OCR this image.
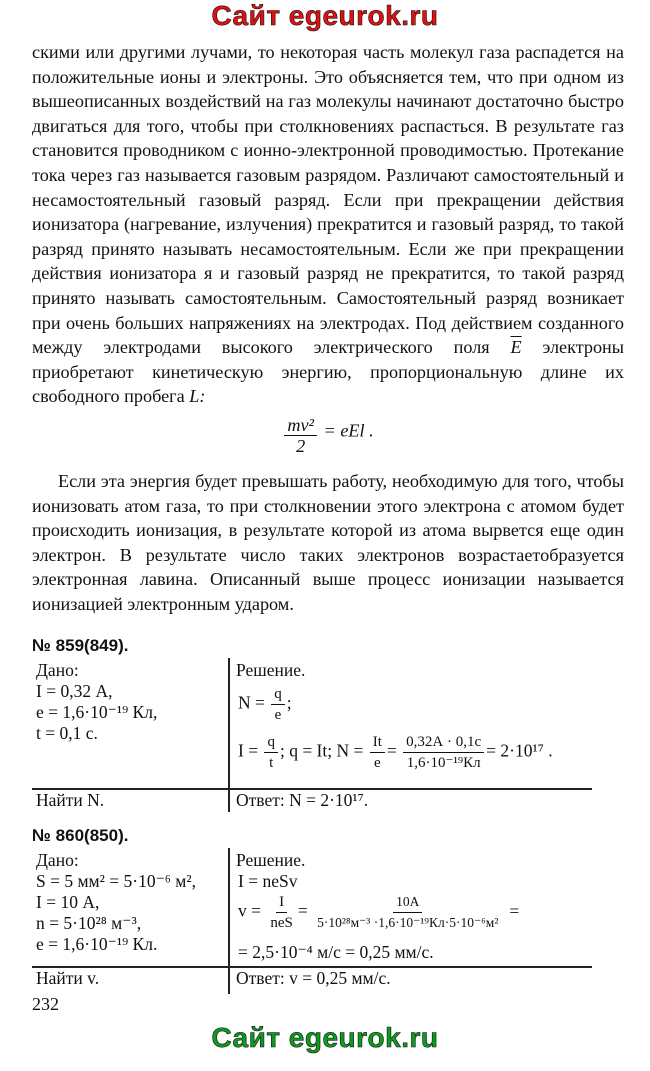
Сайт egeurok.ru

скими или другими лучами, то некоторая часть молекул газа распадется на положительные ионы и электроны. Это объясняется тем, что при одном из вышеописанных воздействий на газ молекулы начинают достаточно быстро двигаться для того, чтобы при столкновениях распасться. В результате газ становится проводником с ионно-электронной проводимостью. Протекание тока через газ называется газовым разрядом. Различают самостоятельный и несамостоятельный газовый разряд. Если при прекращении действия ионизатора (нагревание, излучения) прекратится и газовый разряд, то такой разряд принято называть несамостоятельным. Если же при прекращении действия ионизатора я и газовый разряд не прекратится, то такой разряд принято называть самостоятельным. Самостоятельный разряд возникает при очень больших напряжениях на электродах. Под действием созданного между электродами высокого электрического поля $\overline{E}$ электроны приобретают кинетическую энергию, пропорциональную длине их свободного пробега L:

$\frac{\text{mv²}}{2}$ = eEl .

Если эта энергия будет превышать работу, необходимую для того, чтобы ионизовать атом газа, то при столкновении этого электрона с атомом будет происходить ионизация, в результате которой из атома вырвется еще один электрон. В результате число таких электронов возрастаетобразуется электронная лавина. Описанный выше процесс ионизации называется ионизацией электронным ударом.

№ 859(849).
Дано:
I = 0,32 А,
e = 1,6·10⁻¹⁹ Кл,
t = 0,1 с.
Решение.
$N = \frac{q}{e}$ ;
$I = \frac{q}{t}$ ; q = It; $N = \frac{It}{e} = \frac{0,32А \cdot 0,1с}{\text{1,6·10⁻¹⁹Кл}} = 2\cdot 10^{17}$ .
Найти N.	Ответ: N = 2·10¹⁷.
№ 860(850).
Дано:
S = 5 мм² = 5·10⁻⁶ м²,
I = 10 А,
n = 5·10²⁸ м⁻³,
e = 1,6·10⁻¹⁹ Кл.
Решение.
I = neSv
$v = \frac{I}{\text{neS}} = \frac{10A}{\text{5·10²⁸м⁻³ ·1,6·10⁻¹⁹Кл·5·10⁻⁶м²}}$ =
= 2,5·10⁻⁴ м/с = 0,25 мм/с.
Найти v.	Ответ: v = 0,25 мм/с.
232
Сайт egeurok.ru
